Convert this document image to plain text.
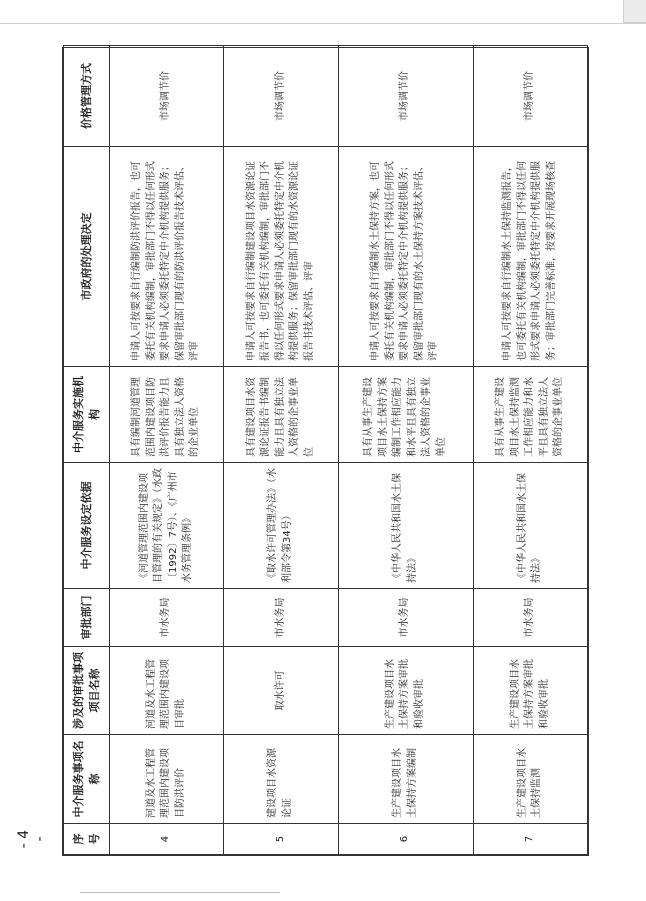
序号	中介服务事项名称	涉及的审批事项项目名称	审批部门	中介服务设定依据	中介服务实施机构	市政府的处理决定	价格管理方式
4	河道及水工程管理范围内建设项目防洪评价	河道及水工程管理范围内建设项目审批	市水务局	《河道管理范围内建设项目管理的有关规定》（水政〔1992〕7号）、《广州市水务管理条例》	具有编制河道管理范围内建设项目防洪评价报告能力且具有独立法人资格的企业单位	申请人可按要求自行编制防洪评价报告，也可委托有关机构编制，审批部门不得以任何形式要求申请人必须委托特定中介机构提供服务；保留审批部门现有的防洪评价报告技术评估、评审	市场调节价
5	建设项目水资源论证	取水许可	市水务局	《取水许可管理办法》（水利部令第34号）	具有建设项目水资源论证报告书编制能力且具有独立法人资格的企事业单位	申请人可按要求自行编制建设项目水资源论证报告书，也可委托有关机构编制，审批部门不得以任何形式要求申请人必须委托特定中介机构提供服务；保留审批部门现有的水资源论证报告书技术评估、评审	市场调节价
6	生产建设项目水土保持方案编制	生产建设项目水土保持方案审批和验收审批	市水务局	《中华人民共和国水土保持法》	具有从事生产建设项目水土保持方案编制工作相应能力和水平且具有独立法人资格的企事业单位	申请人可按要求自行编制水土保持方案，也可委托有关机构编制，审批部门不得以任何形式要求申请人必须委托特定中介机构提供服务；保留审批部门现有的水土保持方案技术评估、评审	市场调节价
7	生产建设项目水土保持监测	生产建设项目水土保持方案审批和验收审批	市水务局	《中华人民共和国水土保持法》	具有从事生产建设项目水土保持监测工作相应能力和水平且具有独立法人资格的企事业单位	申请人可按要求自行编制水土保持监测报告，也可委托有关机构编制，审批部门不得以任何形式要求申请人必须委托特定中介机构提供服务；审批部门完善标准，按要求开展现场核查	市场调节价
- 4 -
